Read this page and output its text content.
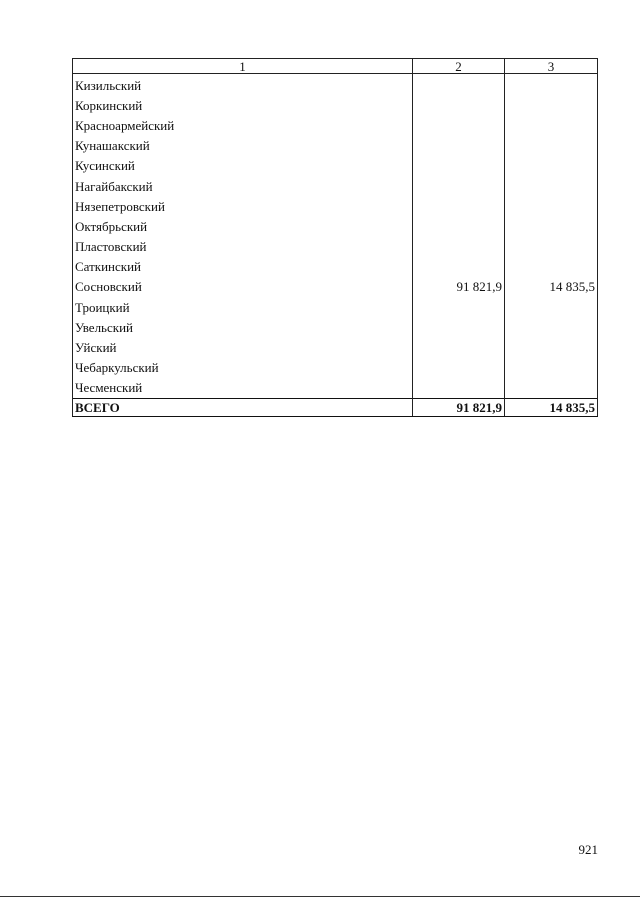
1	2	3
Кизильский		
Коркинский		
Красноармейский		
Кунашакский		
Кусинский		
Нагайбакский		
Нязепетровский		
Октябрьский		
Пластовский		
Саткинский		
Сосновский	91 821,9	14 835,5
Троицкий		
Увельский		
Уйский		
Чебаркульский		
Чесменский		
ВСЕГО	91 821,9	14 835,5
921
